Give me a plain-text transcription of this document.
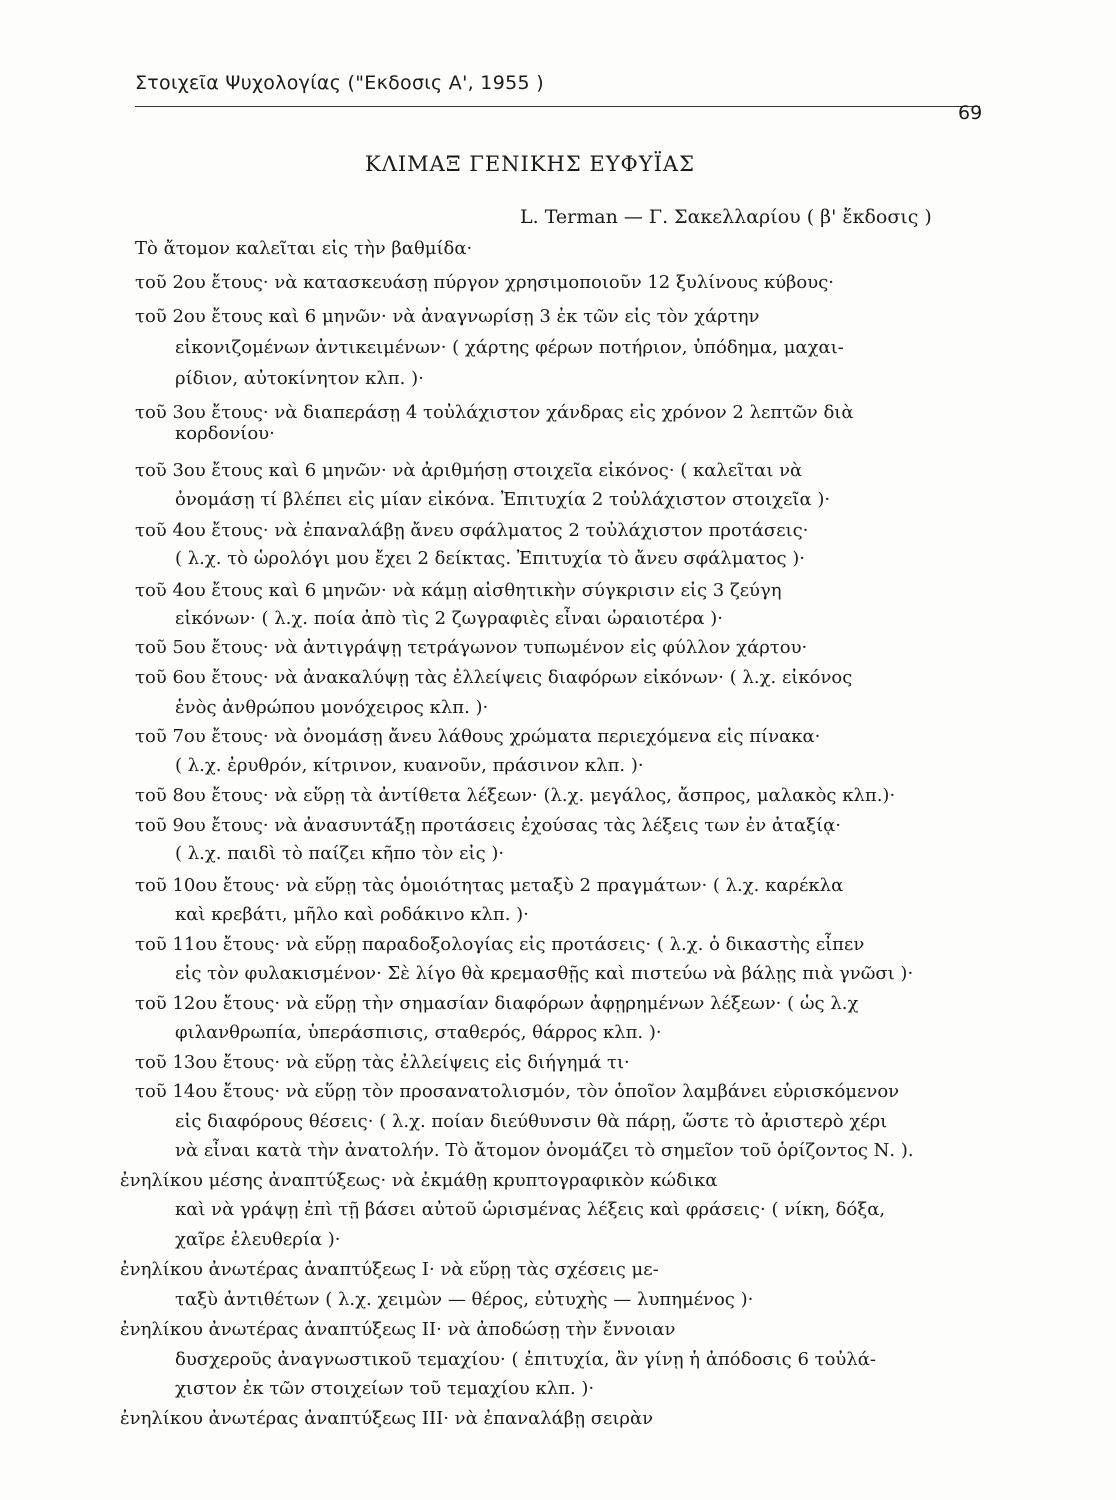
Στοιχεῖα Ψυχολογίας ("Εκδοσις Α', 1955 )
69
ΚΛΙΜΑΞ ΓΕΝΙΚΗΣ ΕΥΦΥΪΑΣ
L. Terman — Γ. Σακελλαρίου ( β' ἔκδοσις )
Τὸ ἄτομον καλεῖται εἰς τὴν βαθμίδα·
τοῦ 2ου ἔτους· νὰ κατασκευάσῃ πύργον χρησιμοποιοῦν 12 ξυλίνους κύβους·
τοῦ 2ου ἔτους καὶ 6 μηνῶν· νὰ ἀναγνωρίσῃ 3 ἐκ τῶν εἰς τὸν χάρτην
εἰκονιζομένων ἀντικειμένων· ( χάρτης φέρων ποτήριον, ὑπόδημα, μαχαι-
ρίδιον, αὐτοκίνητον κλπ. )·
τοῦ 3ου ἔτους· νὰ διαπεράσῃ 4 τοὐλάχιστον χάνδρας εἰς χρόνον 2 λεπτῶν διὰ
κορδονίου·
τοῦ 3ου ἔτους καὶ 6 μηνῶν· νὰ ἀριθμήσῃ στοιχεῖα εἰκόνος· ( καλεῖται νὰ
ὀνομάσῃ τί βλέπει εἰς μίαν εἰκόνα. Ἐπιτυχία 2 τοὐλάχιστον στοιχεῖα )·
τοῦ 4ου ἔτους· νὰ ἐπαναλάβῃ ἄνευ σφάλματος 2 τοὐλάχιστον προτάσεις·
( λ.χ. τὸ ὡρολόγι μου ἔχει 2 δείκτας. Ἐπιτυχία τὸ ἄνευ σφάλματος )·
τοῦ 4ου ἔτους καὶ 6 μηνῶν· νὰ κάμῃ αἰσθητικὴν σύγκρισιν εἰς 3 ζεύγη
εἰκόνων· ( λ.χ. ποία ἀπὸ τὶς 2 ζωγραφιὲς εἶναι ὡραιοτέρα )·
τοῦ 5ου ἔτους· νὰ ἀντιγράψῃ τετράγωνον τυπωμένον εἰς φύλλον χάρτου·
τοῦ 6ου ἔτους· νὰ ἀνακαλύψῃ τὰς ἐλλείψεις διαφόρων εἰκόνων· ( λ.χ. εἰκόνος
ἑνὸς ἀνθρώπου μονόχειρος κλπ. )·
τοῦ 7ου ἔτους· νὰ ὀνομάσῃ ἄνευ λάθους χρώματα περιεχόμενα εἰς πίνακα·
( λ.χ. ἐρυθρόν, κίτρινον, κυανοῦν, πράσινον κλπ. )·
τοῦ 8ου ἔτους· νὰ εὕρῃ τὰ ἀντίθετα λέξεων· (λ.χ. μεγάλος, ἄσπρος, μαλακὸς κλπ.)·
τοῦ 9ου ἔτους· νὰ ἀνασυντάξῃ προτάσεις ἐχούσας τὰς λέξεις των ἐν ἀταξίᾳ·
( λ.χ. παιδὶ τὸ παίζει κῆπο τὸν εἰς )·
τοῦ 10ου ἔτους· νὰ εὕρῃ τὰς ὁμοιότητας μεταξὺ 2 πραγμάτων· ( λ.χ. καρέκλα
καὶ κρεβάτι, μῆλο καὶ ροδάκινο κλπ. )·
τοῦ 11ου ἔτους· νὰ εὕρῃ παραδοξολογίας εἰς προτάσεις· ( λ.χ. ὁ δικαστὴς εἶπεν
εἰς τὸν φυλακισμένον· Σὲ λίγο θὰ κρεμασθῇς καὶ πιστεύω νὰ βάλῃς πιὰ γνῶσι )·
τοῦ 12ου ἔτους· νὰ εὕρῃ τὴν σημασίαν διαφόρων ἀφῃρημένων λέξεων· ( ὡς λ.χ
φιλανθρωπία, ὑπεράσπισις, σταθερός, θάρρος κλπ. )·
τοῦ 13ου ἔτους· νὰ εὕρῃ τὰς ἐλλείψεις εἰς διήγημά τι·
τοῦ 14ου ἔτους· νὰ εὕρῃ τὸν προσανατολισμόν, τὸν ὁποῖον λαμβάνει εὑρισκόμενον
εἰς διαφόρους θέσεις· ( λ.χ. ποίαν διεύθυνσιν θὰ πάρῃ, ὥστε τὸ ἀριστερὸ χέρι
νὰ εἶναι κατὰ τὴν ἀνατολήν. Τὸ ἄτομον ὀνομάζει τὸ σημεῖον τοῦ ὁρίζοντος Ν. ).
ἐνηλίκου μέσης ἀναπτύξεως· νὰ ἐκμάθῃ κρυπτογραφικὸν κώδικα
καὶ νὰ γράψῃ ἐπὶ τῇ βάσει αὐτοῦ ὡρισμένας λέξεις καὶ φράσεις· ( νίκη, δόξα,
χαῖρε ἐλευθερία )·
ἐνηλίκου ἀνωτέρας ἀναπτύξεως Ι· νὰ εὕρῃ τὰς σχέσεις με-
ταξὺ ἀντιθέτων ( λ.χ. χειμὼν — θέρος, εὐτυχὴς — λυπημένος )·
ἐνηλίκου ἀνωτέρας ἀναπτύξεως ΙΙ· νὰ ἀποδώσῃ τὴν ἔννοιαν
δυσχεροῦς ἀναγνωστικοῦ τεμαχίου· ( ἐπιτυχία, ἂν γίνῃ ἡ ἀπόδοσις 6 τοὐλά-
χιστον ἐκ τῶν στοιχείων τοῦ τεμαχίου κλπ. )·
ἐνηλίκου ἀνωτέρας ἀναπτύξεως ΙΙΙ· νὰ ἐπαναλάβῃ σειρὰν
